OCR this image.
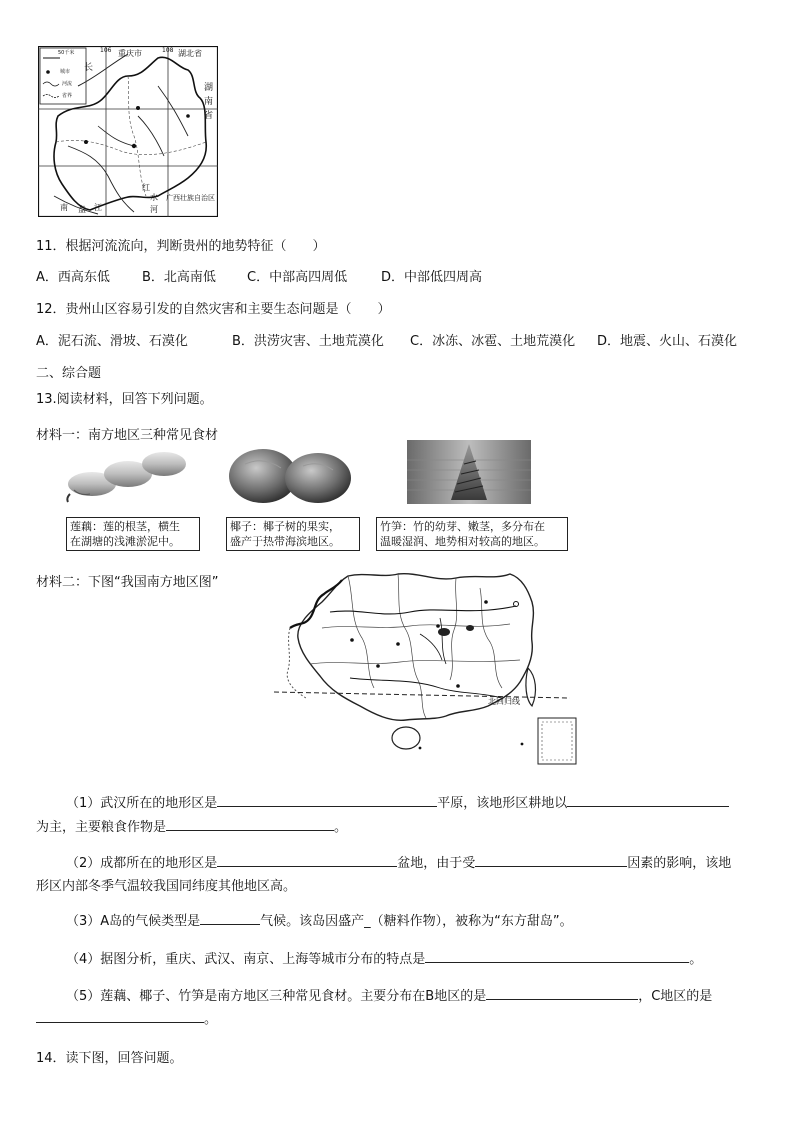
50千米
城市
河流
省界
106	108
重庆市	湖北省
湖
南
省
长
红
水
河
广西壮族自治区
南 盘 江
11．根据河流流向，判断贵州的地势特征（　　）
A．西高东低 B．北高南低 C．中部高四周低	D．中部低四周高
12．贵州山区容易引发的自然灾害和主要生态问题是（　　）
A．泥石流、滑坡、石漠化	B．洪涝灾害、土地荒漠化 C．冰冻、冰雹、土地荒漠化 D．地震、火山、石漠化
二、综合题
13.阅读材料，回答下列问题。
材料一：南方地区三种常见食材
莲藕：莲的根茎，横生
在湖塘的浅滩淤泥中。
椰子：椰子树的果实，
盛产于热带海滨地区。
竹笋：竹的幼芽、嫩茎，多分布在
温暖湿润、地势相对较高的地区。
材料二：下图“我国南方地区图”
北回归线
（1）武汉所在的地形区是	平原，该地形区耕地以
为主，主要粮食作物是	。
（2）成都所在的地形区是	盆地，由于受	因素的影响，该地
形区内部冬季气温较我国同纬度其他地区高。
（3）A岛的气候类型是	气候。该岛因盛产_（糖料作物），被称为“东方甜岛”。
（4）据图分析，重庆、武汉、南京、上海等城市分布的特点是	。
（5）莲藕、椰子、竹笋是南方地区三种常见食材。主要分布在B地区的是	，C地区的是
。
14．读下图，回答问题。
